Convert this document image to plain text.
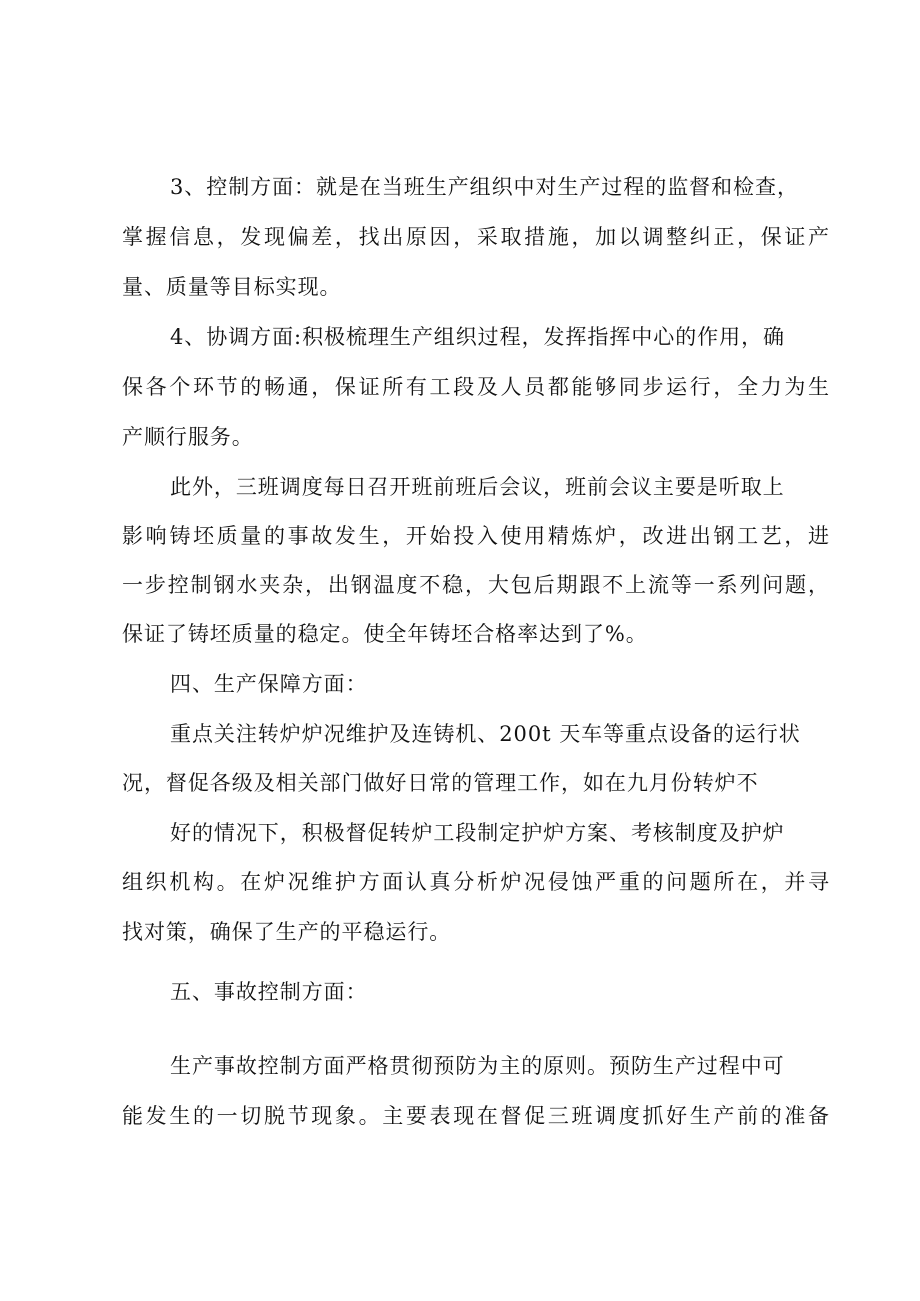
3、控制方面：就是在当班生产组织中对生产过程的监督和检查，
掌握信息，发现偏差，找出原因，采取措施，加以调整纠正，保证产
量、质量等目标实现。
4、协调方面:积极梳理生产组织过程，发挥指挥中心的作用，确
保各个环节的畅通，保证所有工段及人员都能够同步运行，全力为生
产顺行服务。
此外，三班调度每日召开班前班后会议，班前会议主要是听取上
影响铸坯质量的事故发生，开始投入使用精炼炉，改进出钢工艺，进
一步控制钢水夹杂，出钢温度不稳，大包后期跟不上流等一系列问题，
保证了铸坯质量的稳定。使全年铸坯合格率达到了%。
四、生产保障方面：
重点关注转炉炉况维护及连铸机、200t 天车等重点设备的运行状
况，督促各级及相关部门做好日常的管理工作，如在九月份转炉不
好的情况下，积极督促转炉工段制定护炉方案、考核制度及护炉
组织机构。在炉况维护方面认真分析炉况侵蚀严重的问题所在，并寻
找对策，确保了生产的平稳运行。
五、事故控制方面：
生产事故控制方面严格贯彻预防为主的原则。预防生产过程中可
能发生的一切脱节现象。主要表现在督促三班调度抓好生产前的准备
